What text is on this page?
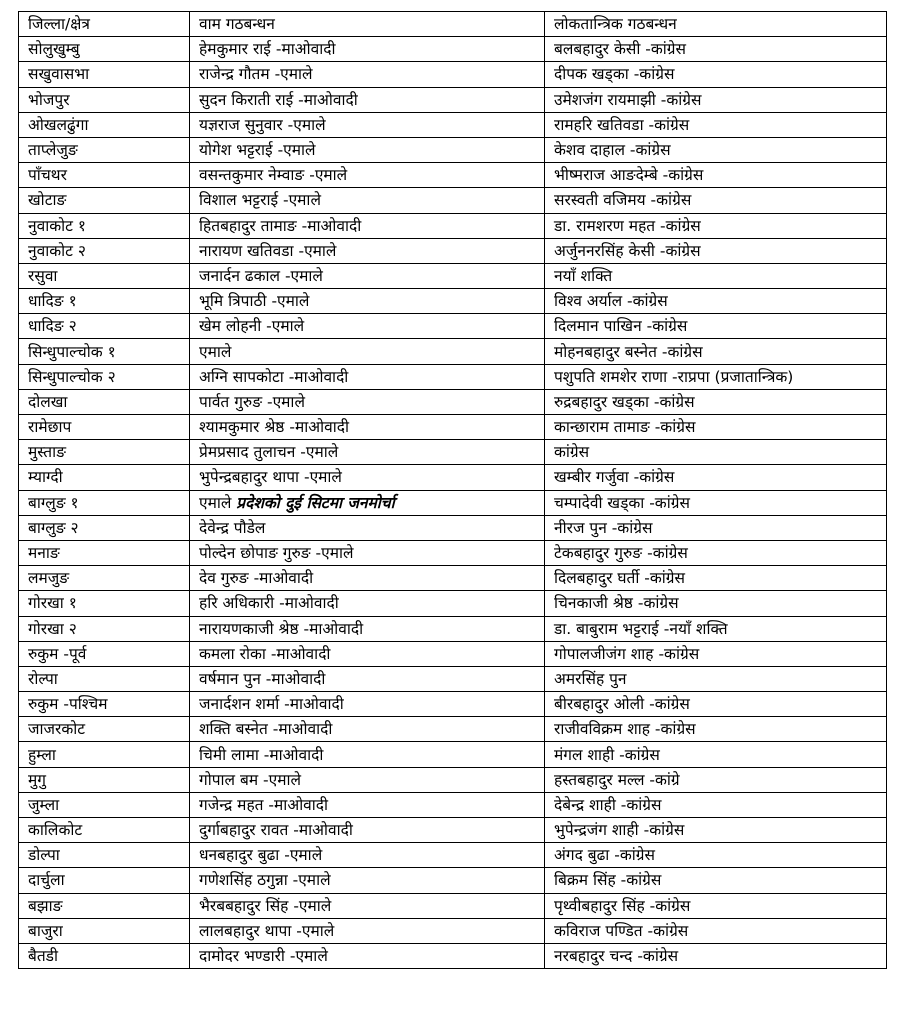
जिल्ला/क्षेत्र	वाम गठबन्धन	लोकतान्त्रिक गठबन्धन
सोलुखुम्बु	हेमकुमार राई -माओवादी	बलबहादुर केसी -कांग्रेस
सखुवासभा	राजेन्द्र गौतम -एमाले	दीपक खड्का -कांग्रेस
भोजपुर	सुदन किराती राई -माओवादी	उमेशजंग रायमाझी -कांग्रेस
ओखलढुंगा	यज्ञराज सुनुवार -एमाले	रामहरि खतिवडा -कांग्रेस
ताप्लेजुङ	योगेश भट्टराई -एमाले	केशव दाहाल -कांग्रेस
पाँचथर	वसन्तकुमार नेम्वाङ -एमाले	भीष्मराज आङदेम्बे -कांग्रेस
खोटाङ	विशाल भट्टराई -एमाले	सरस्वती वजिमय -कांग्रेस
नुवाकोट १	हितबहादुर तामाङ -माओवादी	डा. रामशरण महत -कांग्रेस
नुवाकोट २	नारायण खतिवडा -एमाले	अर्जुननरसिंह केसी -कांग्रेस
रसुवा	जनार्दन ढकाल -एमाले	नयाँ शक्ति
धादिङ १	भूमि त्रिपाठी -एमाले	विश्व अर्याल -कांग्रेस
धादिङ २	खेम लोहनी -एमाले	दिलमान पाखिन -कांग्रेस
सिन्धुपाल्चोक १	एमाले	मोहनबहादुर बस्नेत -कांग्रेस
सिन्धुपाल्चोक २	अग्नि सापकोटा -माओवादी	पशुपति शमशेर राणा -राप्रपा (प्रजातान्त्रिक)
दोलखा	पार्वत गुरुङ -एमाले	रुद्रबहादुर खड्का -कांग्रेस
रामेछाप	श्यामकुमार श्रेष्ठ -माओवादी	कान्छाराम तामाङ -कांग्रेस
मुस्ताङ	प्रेमप्रसाद तुलाचन -एमाले	कांग्रेस
म्याग्दी	भुपेन्द्रबहादुर थापा -एमाले	खम्बीर गर्जुवा -कांग्रेस
बाग्लुङ १	एमाले प्रदेशको दुई सिटमा जनमोर्चा	चम्पादेवी खड्का -कांग्रेस
बाग्लुङ २	देवेन्द्र पौडेल	नीरज पुन -कांग्रेस
मनाङ	पोल्देन छोपाङ गुरुङ -एमाले	टेकबहादुर गुरुङ -कांग्रेस
लमजुङ	देव गुरुङ -माओवादी	दिलबहादुर घर्ती -कांग्रेस
गोरखा १	हरि अधिकारी -माओवादी	चिनकाजी श्रेष्ठ -कांग्रेस
गोरखा २	नारायणकाजी श्रेष्ठ -माओवादी	डा. बाबुराम भट्टराई -नयाँ शक्ति
रुकुम -पूर्व	कमला रोका -माओवादी	गोपालजीजंग शाह -कांग्रेस
रोल्पा	वर्षमान पुन -माओवादी	अमरसिंह पुन
रुकुम -पश्चिम	जनार्दशन शर्मा -माओवादी	बीरबहादुर ओली -कांग्रेस
जाजरकोट	शक्ति बस्नेत -माओवादी	राजीवविक्रम शाह -कांग्रेस
हुम्ला	चिमी लामा -माओवादी	मंगल शाही -कांग्रेस
मुगु	गोपाल बम -एमाले	हस्तबहादुर मल्ल -कांग्रे
जुम्ला	गजेन्द्र महत -माओवादी	देबेन्द्र शाही -कांग्रेस
कालिकोट	दुर्गाबहादुर रावत -माओवादी	भुपेन्द्रजंग शाही -कांग्रेस
डोल्पा	धनबहादुर बुढा -एमाले	अंगद बुढा -कांग्रेस
दार्चुला	गणेशसिंह ठगुन्ना -एमाले	बिक्रम सिंह -कांग्रेस
बझाङ	भैरबबहादुर सिंह -एमाले	पृथ्वीबहादुर सिंह -कांग्रेस
बाजुरा	लालबहादुर थापा -एमाले	कविराज पण्डित -कांग्रेस
बैतडी	दामोदर भण्डारी -एमाले	नरबहादुर चन्द -कांग्रेस
